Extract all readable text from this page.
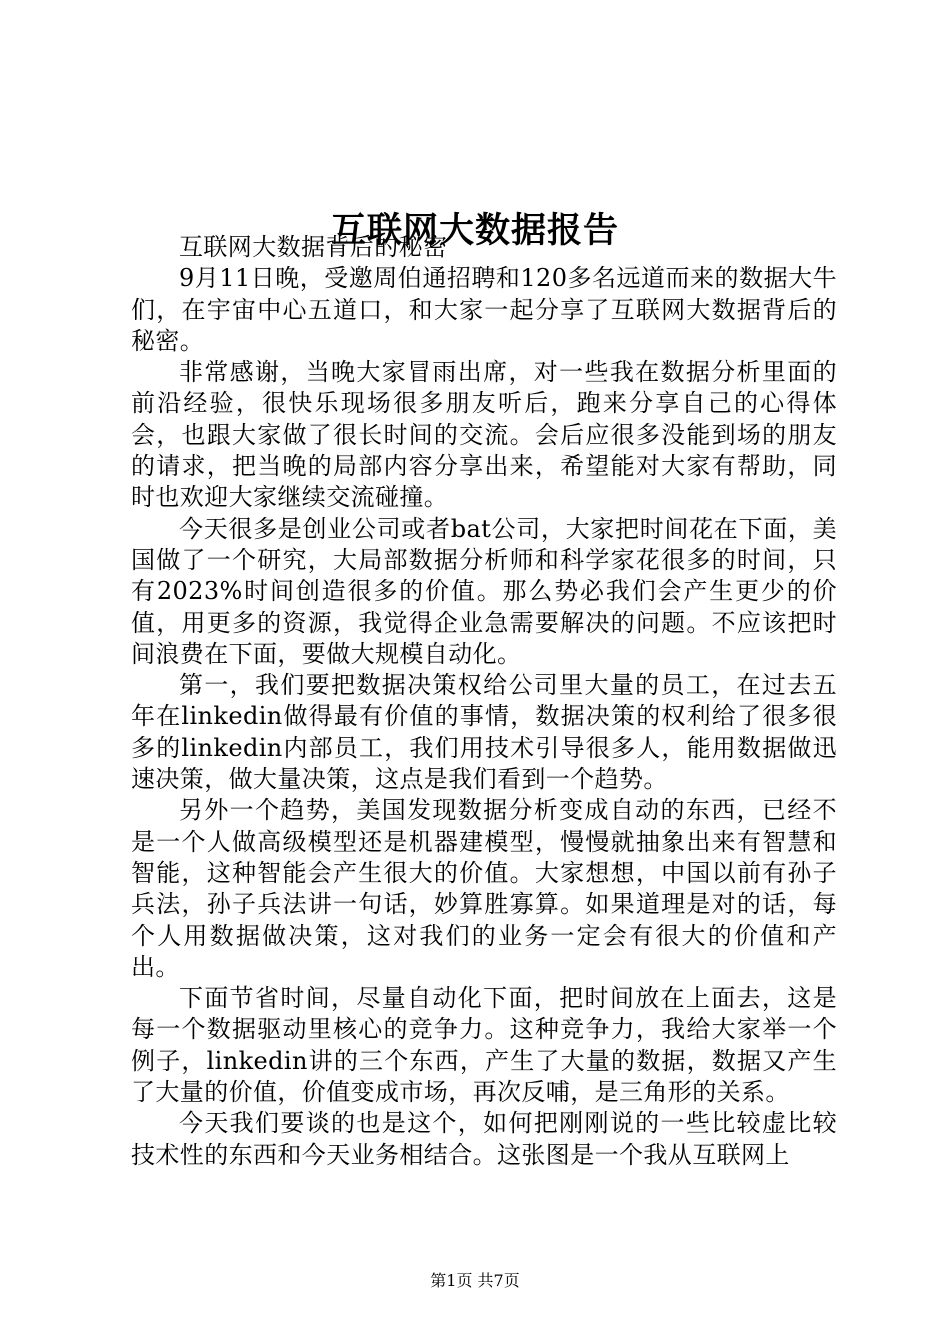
互联网大数据报告

互联网大数据背后的秘密

9月11日晚，受邀周伯通招聘和120多名远道而来的数据大牛们，在宇宙中心五道口，和大家一起分享了互联网大数据背后的秘密。

非常感谢，当晚大家冒雨出席，对一些我在数据分析里面的前沿经验，很快乐现场很多朋友听后，跑来分享自己的心得体会，也跟大家做了很长时间的交流。会后应很多没能到场的朋友的请求，把当晚的局部内容分享出来，希望能对大家有帮助，同时也欢迎大家继续交流碰撞。

今天很多是创业公司或者bat公司，大家把时间花在下面，美国做了一个研究，大局部数据分析师和科学家花很多的时间，只有2023%时间创造很多的价值。那么势必我们会产生更少的价值，用更多的资源，我觉得企业急需要解决的问题。不应该把时间浪费在下面，要做大规模自动化。

第一，我们要把数据决策权给公司里大量的员工，在过去五年在linkedin做得最有价值的事情，数据决策的权利给了很多很多的linkedin内部员工，我们用技术引导很多人，能用数据做迅速决策，做大量决策，这点是我们看到一个趋势。

另外一个趋势，美国发现数据分析变成自动的东西，已经不是一个人做高级模型还是机器建模型，慢慢就抽象出来有智慧和智能，这种智能会产生很大的价值。大家想想，中国以前有孙子兵法，孙子兵法讲一句话，妙算胜寡算。如果道理是对的话，每个人用数据做决策，这对我们的业务一定会有很大的价值和产出。

下面节省时间，尽量自动化下面，把时间放在上面去，这是每一个数据驱动里核心的竞争力。这种竞争力，我给大家举一个例子，linkedin讲的三个东西，产生了大量的数据，数据又产生了大量的价值，价值变成市场，再次反哺，是三角形的关系。

今天我们要谈的也是这个，如何把刚刚说的一些比较虚比较技术性的东西和今天业务相结合。这张图是一个我从互联网上

第1页 共7页
